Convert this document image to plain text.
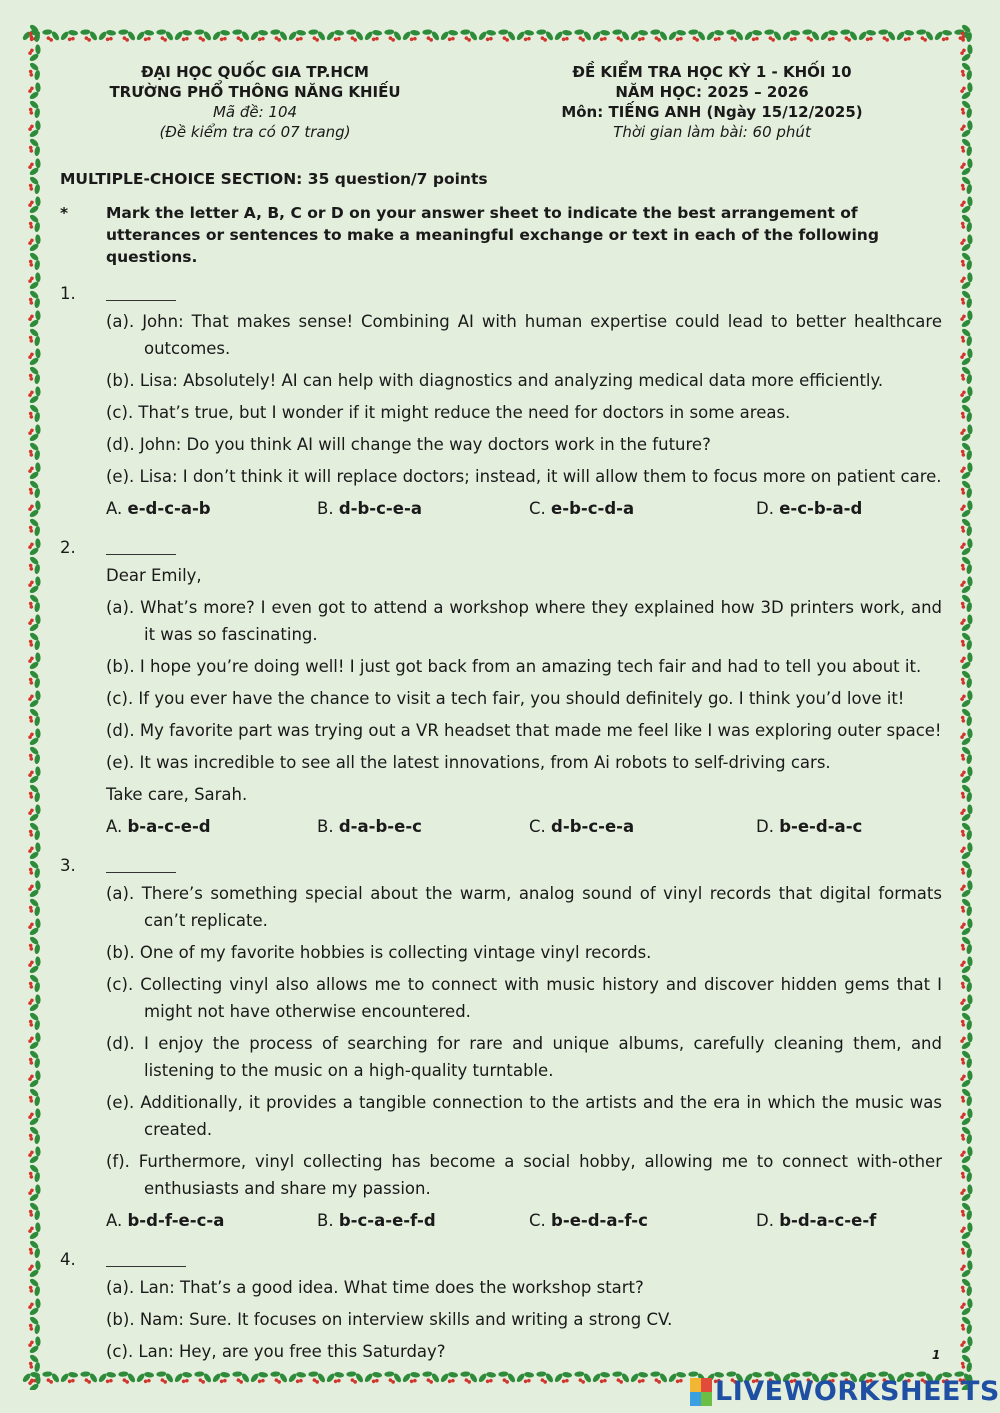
ĐẠI HỌC QUỐC GIA TP.HCM
TRƯỜNG PHỔ THÔNG NĂNG KHIẾU
Mã đề: 104
(Đề kiểm tra có 07 trang)
ĐỀ KIỂM TRA HỌC KỲ 1 - KHỐI 10
NĂM HỌC: 2025 – 2026
Môn: TIẾNG ANH (Ngày 15/12/2025)
Thời gian làm bài: 60 phút
MULTIPLE-CHOICE SECTION: 35 question/7 points
*	Mark the letter A, B, C or D on your answer sheet to indicate the best arrangement of utterances or sentences to make a meaningful exchange or text in each of the following questions.
1.
(a). John: That makes sense! Combining AI with human expertise could lead to better healthcare outcomes.
(b). Lisa: Absolutely! AI can help with diagnostics and analyzing medical data more efficiently.
(c). That’s true, but I wonder if it might reduce the need for doctors in some areas.
(d). John: Do you think AI will change the way doctors work in the future?
(e). Lisa: I don’t think it will replace doctors; instead, it will allow them to focus more on patient care.
A. e-d-c-a-b	B. d-b-c-e-a	C. e-b-c-d-a	D. e-c-b-a-d
2.
Dear Emily,
(a). What’s more? I even got to attend a workshop where they explained how 3D printers work, and it was so fascinating.
(b). I hope you’re doing well! I just got back from an amazing tech fair and had to tell you about it.
(c). If you ever have the chance to visit a tech fair, you should definitely go. I think you’d love it!
(d). My favorite part was trying out a VR headset that made me feel like I was exploring outer space!
(e). It was incredible to see all the latest innovations, from Ai robots to self-driving cars.
Take care, Sarah.
A. b-a-c-e-d	B. d-a-b-e-c	C. d-b-c-e-a	D. b-e-d-a-c
3.
(a). There’s something special about the warm, analog sound of vinyl records that digital formats can’t replicate.
(b). One of my favorite hobbies is collecting vintage vinyl records.
(c). Collecting vinyl also allows me to connect with music history and discover hidden gems that I might not have otherwise encountered.
(d). I enjoy the process of searching for rare and unique albums, carefully cleaning them, and listening to the music on a high-quality turntable.
(e). Additionally, it provides a tangible connection to the artists and the era in which the music was created.
(f). Furthermore, vinyl collecting has become a social hobby, allowing me to connect with-other enthusiasts and share my passion.
A. b-d-f-e-c-a	B. b-c-a-e-f-d	C. b-e-d-a-f-c	D. b-d-a-c-e-f
4.
(a). Lan: That’s a good idea. What time does the workshop start?
(b). Nam: Sure. It focuses on interview skills and writing a strong CV.
(c). Lan: Hey, are you free this Saturday?	1
LIVEWORKSHEETS
